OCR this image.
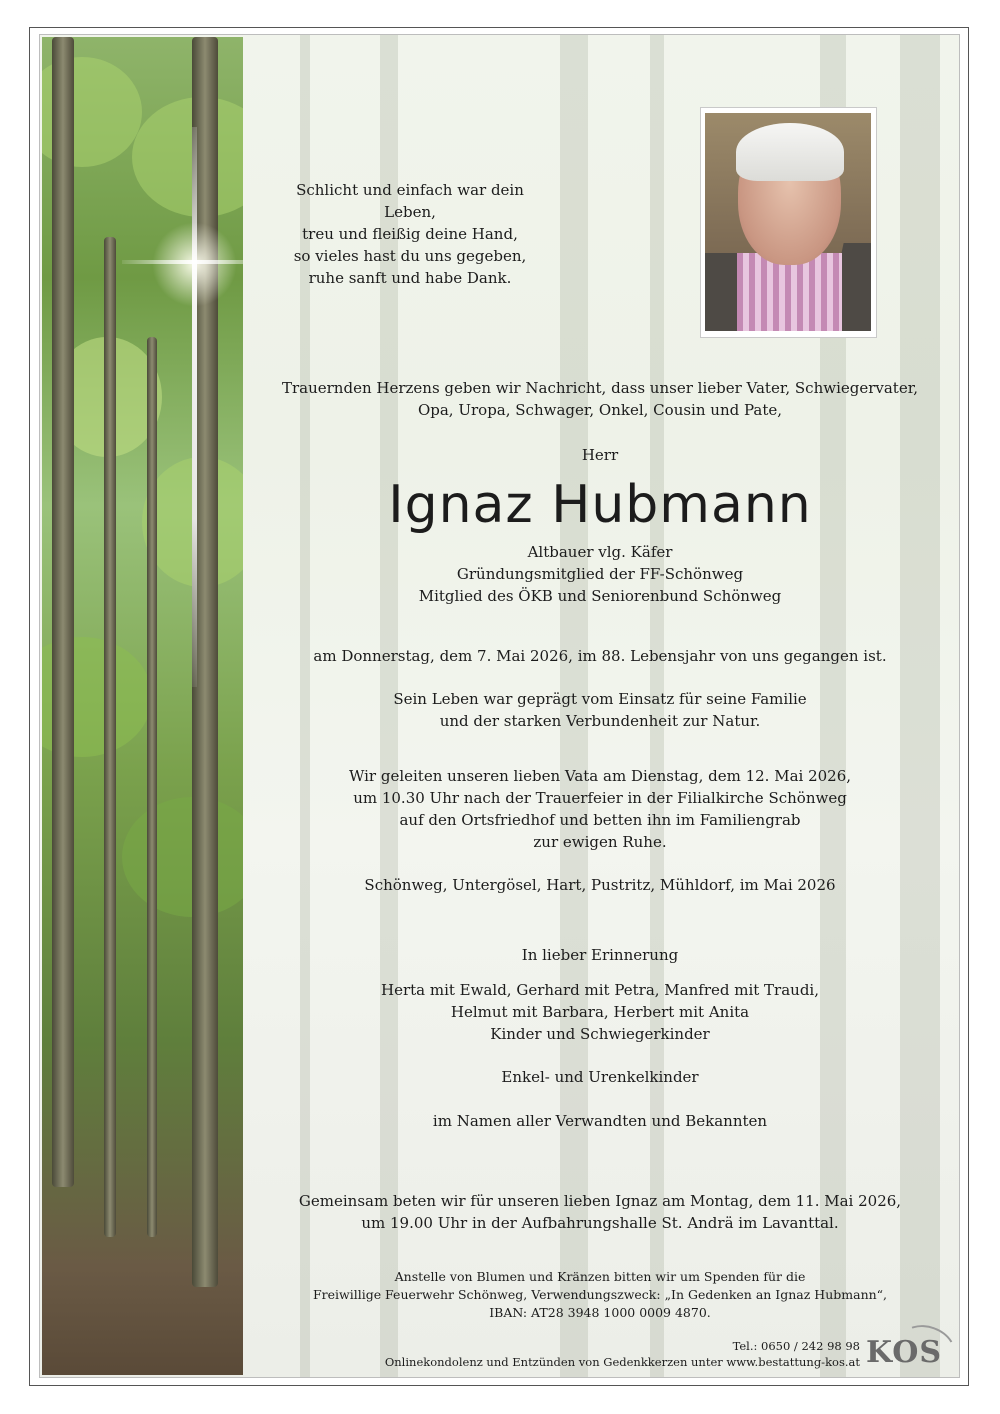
Schlicht und einfach war dein Leben,
treu und fleißig deine Hand,
so vieles hast du uns gegeben,
ruhe sanft und habe Dank.
Trauernden Herzens geben wir Nachricht, dass unser lieber Vater, Schwiegervater,
Opa, Uropa, Schwager, Onkel, Cousin und Pate,
Herr
Ignaz Hubmann
Altbauer vlg. Käfer
Gründungsmitglied der FF-Schönweg
Mitglied des ÖKB und Seniorenbund Schönweg
am Donnerstag, dem 7. Mai 2026, im 88. Lebensjahr von uns gegangen ist.
Sein Leben war geprägt vom Einsatz für seine Familie
und der starken Verbundenheit zur Natur.
Wir geleiten unseren lieben Vata am Dienstag, dem 12. Mai 2026,
um 10.30 Uhr nach der Trauerfeier in der Filialkirche Schönweg
auf den Ortsfriedhof und betten ihn im Familiengrab
zur ewigen Ruhe.
Schönweg, Untergösel, Hart, Pustritz, Mühldorf, im Mai 2026
In lieber Erinnerung
Herta mit Ewald, Gerhard mit Petra, Manfred mit Traudi,
Helmut mit Barbara, Herbert mit Anita
Kinder und Schwiegerkinder
Enkel- und Urenkelkinder
im Namen aller Verwandten und Bekannten
Gemeinsam beten wir für unseren lieben Ignaz am Montag, dem 11. Mai 2026,
um 19.00 Uhr in der Aufbahrungshalle St. Andrä im Lavanttal.
Anstelle von Blumen und Kränzen bitten wir um Spenden für die
Freiwillige Feuerwehr Schönweg, Verwendungszweck: „In Gedenken an Ignaz Hubmann“,
IBAN: AT28 3948 1000 0009 4870.
Tel.: 0650 / 242 98 98
Onlinekondolenz und Entzünden von Gedenkkerzen unter www.bestattung-kos.at KOS
